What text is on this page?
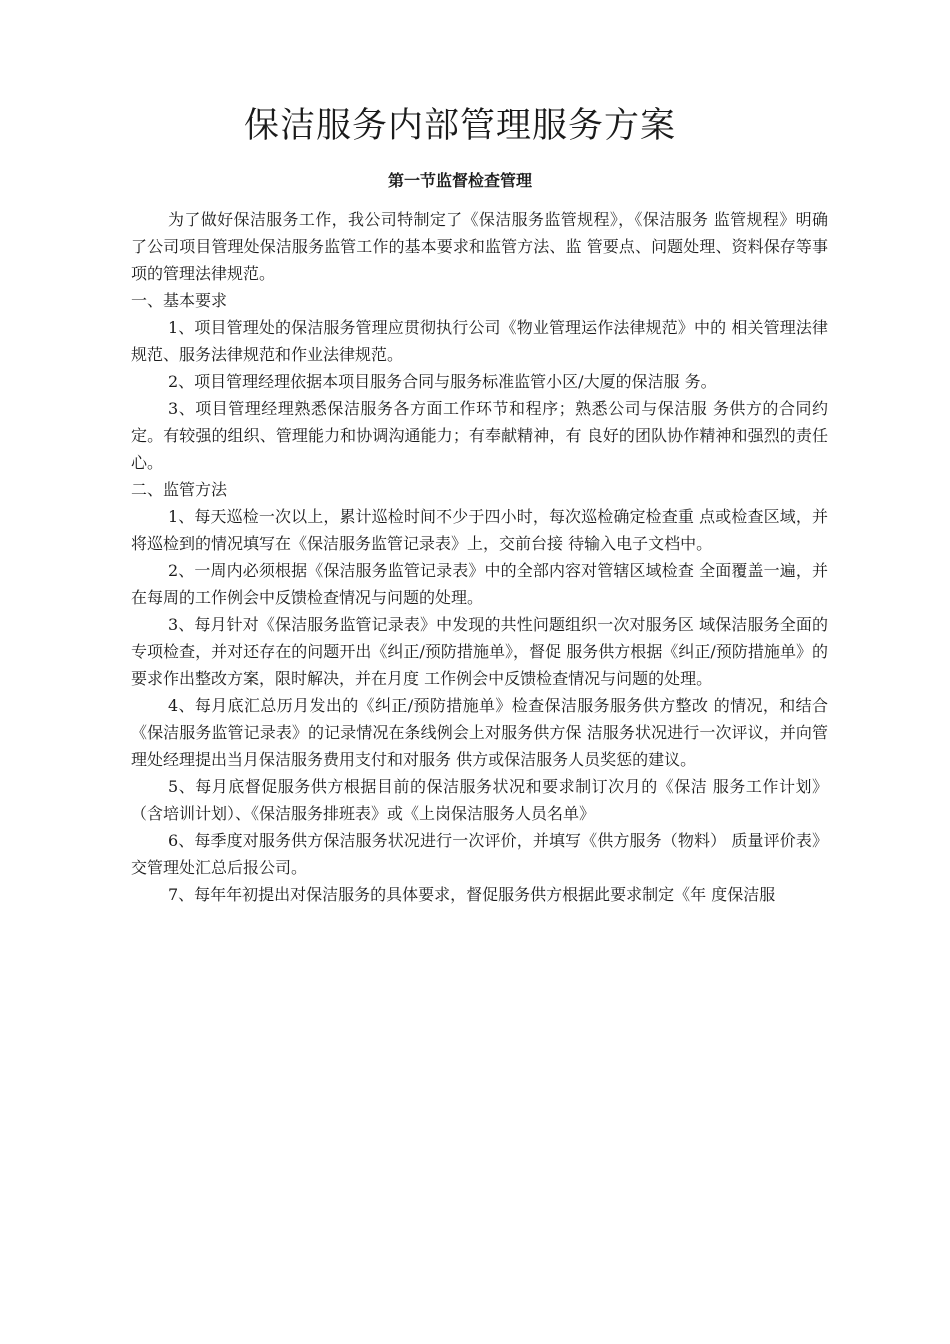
保洁服务内部管理服务方案
第一节监督检查管理

为了做好保洁服务工作，我公司特制定了《保洁服务监管规程》，《保洁服务 监管规程》明确了公司项目管理处保洁服务监管工作的基本要求和监管方法、监 管要点、问题处理、资料保存等事项的管理法律规范。

一、基本要求

1、项目管理处的保洁服务管理应贯彻执行公司《物业管理运作法律规范》中的 相关管理法律规范、服务法律规范和作业法律规范。

2、项目管理经理依据本项目服务合同与服务标准监管小区/大厦的保洁服 务。

3、项目管理经理熟悉保洁服务各方面工作环节和程序；熟悉公司与保洁服 务供方的合同约定。有较强的组织、管理能力和协调沟通能力；有奉献精神，有 良好的团队协作精神和强烈的责任心。

二、监管方法

1、每天巡检一次以上，累计巡检时间不少于四小时，每次巡检确定检查重 点或检查区域，并将巡检到的情况填写在《保洁服务监管记录表》上，交前台接 待输入电子文档中。

2、一周内必须根据《保洁服务监管记录表》中的全部内容对管辖区域检查 全面覆盖一遍，并在每周的工作例会中反馈检查情况与问题的处理。

3、每月针对《保洁服务监管记录表》中发现的共性问题组织一次对服务区 域保洁服务全面的专项检查，并对还存在的问题开出《纠正/预防措施单》，督促 服务供方根据《纠正/预防措施单》的要求作出整改方案，限时解决，并在月度 工作例会中反馈检查情况与问题的处理。

4、每月底汇总历月发出的《纠正/预防措施单》检查保洁服务服务供方整改 的情况，和结合《保洁服务监管记录表》的记录情况在条线例会上对服务供方保 洁服务状况进行一次评议，并向管理处经理提出当月保洁服务费用支付和对服务 供方或保洁服务人员奖惩的建议。

5、每月底督促服务供方根据目前的保洁服务状况和要求制订次月的《保洁 服务工作计划》（含培训计划）、《保洁服务排班表》或《上岗保洁服务人员名单》

6、每季度对服务供方保洁服务状况进行一次评价，并填写《供方服务（物料） 质量评价表》交管理处汇总后报公司。

7、每年年初提出对保洁服务的具体要求，督促服务供方根据此要求制定《年 度保洁服
